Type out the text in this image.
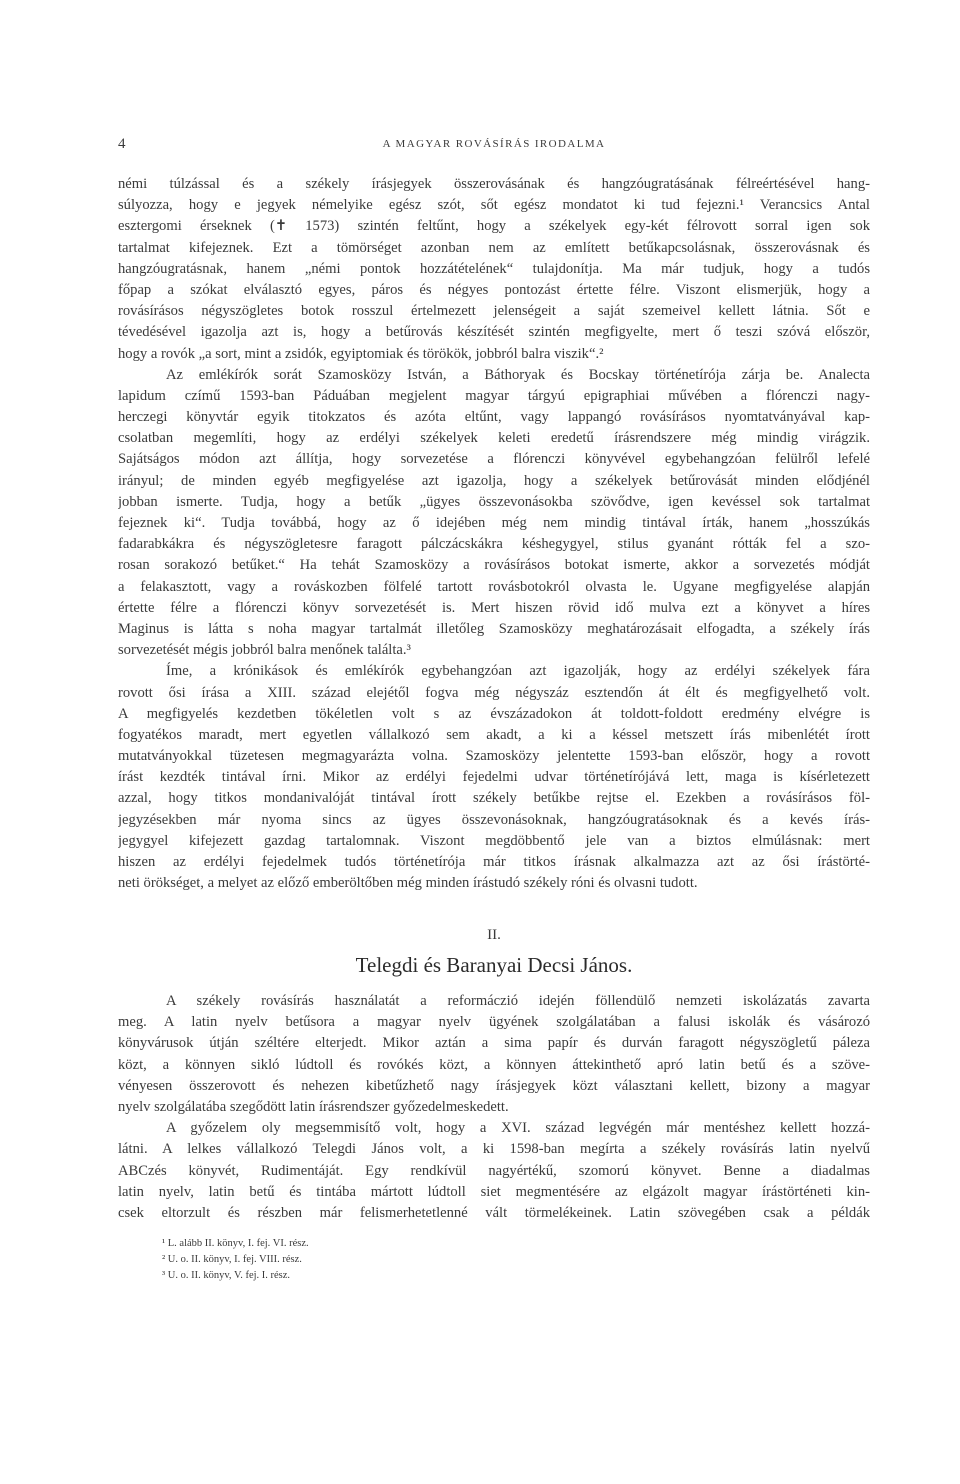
4	A MAGYAR ROVÁSÍRÁS IRODALMA
némi túlzással és a székely írásjegyek összerovásának és hangzóugratásának félreértésével hang-
súlyozza, hogy e jegyek némelyike egész szót, sőt egész mondatot ki tud fejezni.¹ Verancsics Antal
esztergomi érseknek (✝ 1573) szintén feltűnt, hogy a székelyek egy-két félrovott sorral igen sok
tartalmat kifejeznek. Ezt a tömörséget azonban nem az említett betűkapcsolásnak, összerovásnak és
hangzóugratásnak, hanem „némi pontok hozzátételének“ tulajdonítja. Ma már tudjuk, hogy a tudós
főpap a szókat elválasztó egyes, páros és négyes pontozást értette félre. Viszont elismerjük, hogy a
rovásírásos négyszögletes botok rosszul értelmezett jelenségeit a saját szemeivel kellett látnia. Sőt e
tévedésével igazolja azt is, hogy a betűrovás készítését szintén megfigyelte, mert ő teszi szóvá először,
hogy a rovók „a sort, mint a zsidók, egyiptomiak és törökök, jobbról balra viszik“.²
Az emlékírók sorát Szamosközy István, a Báthoryak és Bocskay történetírója zárja be. Analecta
lapidum czímű 1593-ban Páduában megjelent magyar tárgyú epigraphiai művében a flórenczi nagy-
herczegi könyvtár egyik titokzatos és azóta eltűnt, vagy lappangó rovásírásos nyomtatványával kap-
csolatban megemlíti, hogy az erdélyi székelyek keleti eredetű írásrendszere még mindig virágzik.
Sajátságos módon azt állítja, hogy sorvezetése a flórenczi könyvével egybehangzóan felülről lefelé
irányul; de minden egyéb megfigyelése azt igazolja, hogy a székelyek betűrovását minden elődjénél
jobban ismerte. Tudja, hogy a betűk „ügyes összevonásokba szövődve, igen kevéssel sok tartalmat
fejeznek ki“. Tudja továbbá, hogy az ő idejében még nem mindig tintával írták, hanem „hosszúkás
fadarabkákra és négyszögletesre faragott pálczácskákra késhegygyel, stilus gyanánt rótták fel a szo-
rosan sorakozó betűket.“ Ha tehát Szamosközy a rovásírásos botokat ismerte, akkor a sorvezetés módját
a felakasztott, vagy a rováskozben fölfelé tartott rovásbotokról olvasta le. Ugyane megfigyelése alapján
értette félre a flórenczi könyv sorvezetését is. Mert hiszen rövid idő mulva ezt a könyvet a híres
Maginus is látta s noha magyar tartalmát illetőleg Szamosközy meghatározásait elfogadta, a székely írás
sorvezetését mégis jobbról balra menőnek találta.³
Íme, a krónikások és emlékírók egybehangzóan azt igazolják, hogy az erdélyi székelyek fára
rovott ősi írása a XIII. század elejétől fogva még négyszáz esztendőn át élt és megfigyelhető volt.
A megfigyelés kezdetben tökéletlen volt s az évszázadokon át toldott-foldott eredmény elvégre is
fogyatékos maradt, mert egyetlen vállalkozó sem akadt, a ki a késsel metszett írás mibenlétét írott
mutatványokkal tüzetesen megmagyarázta volna. Szamosközy jelentette 1593-ban először, hogy a rovott
írást kezdték tintával írni. Mikor az erdélyi fejedelmi udvar történetírójává lett, maga is kísérletezett
azzal, hogy titkos mondanivalóját tintával írott székely betűkbe rejtse el. Ezekben a rovásírásos föl-
jegyzésekben már nyoma sincs az ügyes összevonásoknak, hangzóugratásoknak és a kevés írás-
jegygyel kifejezett gazdag tartalomnak. Viszont megdöbbentő jele van a biztos elmúlásnak: mert
hiszen az erdélyi fejedelmek tudós történetírója már titkos írásnak alkalmazza azt az ősi írástörté-
neti örökséget, a melyet az előző emberöltőben még minden írástudó székely róni és olvasni tudott.
II.
Telegdi és Baranyai Decsi János.
A székely rovásírás használatát a reformáczió idején föllendülő nemzeti iskolázatás zavarta
meg. A latin nyelv betűsora a magyar nyelv ügyének szolgálatában a falusi iskolák és vásározó
könyvárusok útján széltére elterjedt. Mikor aztán a sima papír és durván faragott négyszögletű páleza
közt, a könnyen sikló lúdtoll és rovókés közt, a könnyen áttekinthető apró latin betű és a szöve-
vényesen összerovott és nehezen kibetűzhető nagy írásjegyek közt választani kellett, bizony a magyar
nyelv szolgálatába szegődött latin írásrendszer győzedelmeskedett.
A győzelem oly megsemmisítő volt, hogy a XVI. század legvégén már mentéshez kellett hozzá-
látni. A lelkes vállalkozó Telegdi János volt, a ki 1598-ban megírta a székely rovásírás latin nyelvű
ABCzés könyvét, Rudimentáját. Egy rendkívül nagyértékű, szomorú könyvet. Benne a diadalmas
latin nyelv, latin betű és tintába mártott lúdtoll siet megmentésére az elgázolt magyar írástörténeti kin-
csek eltorzult és részben már felismerhetetlenné vált törmelékeinek. Latin szövegében csak a példák
¹ L. alább II. könyv, I. fej. VI. rész.
² U. o. II. könyv, I. fej. VIII. rész.
³ U. o. II. könyv, V. fej. I. rész.
